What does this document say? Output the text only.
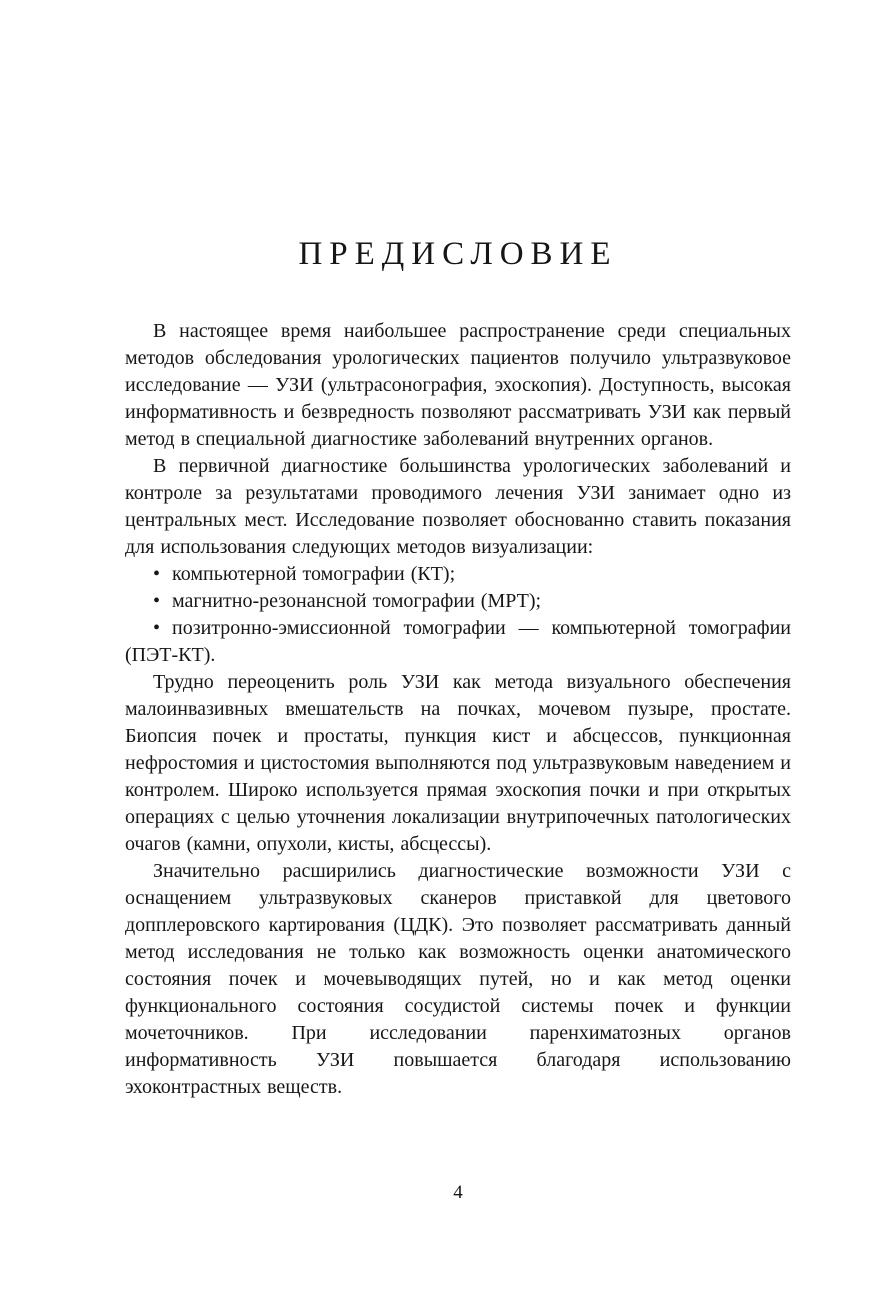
ПРЕДИСЛОВИЕ

В настоящее время наибольшее распространение среди специальных методов обследования урологических пациентов получило ультразвуковое исследование — УЗИ (ультрасонография, эхоскопия). Доступность, высокая информативность и безвредность позволяют рассматривать УЗИ как первый метод в специальной диагностике заболеваний внутренних органов.

В первичной диагностике большинства урологических заболеваний и контроле за результатами проводимого лечения УЗИ занимает одно из центральных мест. Исследование позволяет обоснованно ставить показания для использования следующих методов визуализации:

• компьютерной томографии (КТ);

• магнитно-резонансной томографии (МРТ);

• позитронно-эмиссионной томографии — компьютерной томографии (ПЭТ-КТ).

Трудно переоценить роль УЗИ как метода визуального обеспечения малоинвазивных вмешательств на почках, мочевом пузыре, простате. Биопсия почек и простаты, пункция кист и абсцессов, пункционная нефростомия и цистостомия выполняются под ультразвуковым наведением и контролем. Широко используется прямая эхоскопия почки и при открытых операциях с целью уточнения локализации внутрипочечных патологических очагов (камни, опухоли, кисты, абсцессы).

Значительно расширились диагностические возможности УЗИ с оснащением ультразвуковых сканеров приставкой для цветового допплеровского картирования (ЦДК). Это позволяет рассматривать данный метод исследования не только как возможность оценки анатомического состояния почек и мочевыводящих путей, но и как метод оценки функционального состояния сосудистой системы почек и функции мочеточников. При исследовании паренхиматозных органов информативность УЗИ повышается благодаря использованию эхоконтрастных веществ.

4
